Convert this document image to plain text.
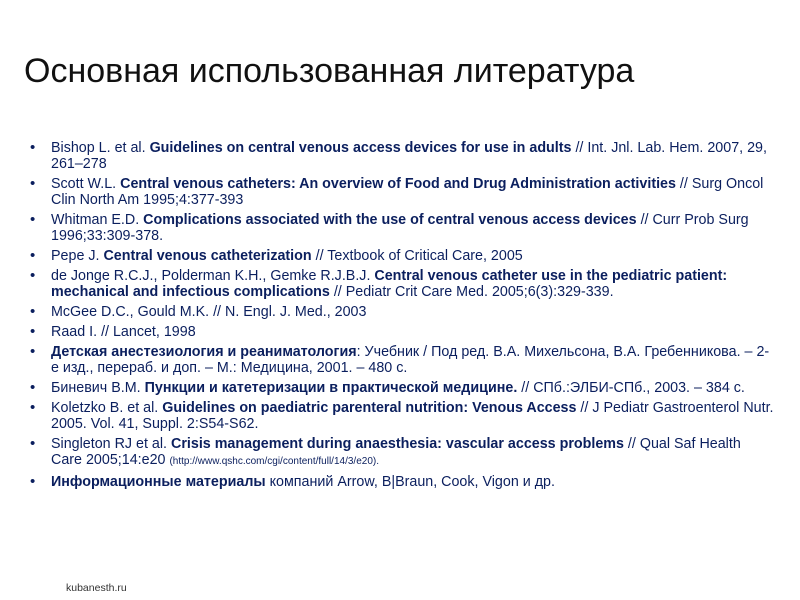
Основная использованная литература
• Bishop L. et al. Guidelines on central venous access devices for use in adults // Int. Jnl. Lab. Hem. 2007, 29, 261–278
• Scott W.L. Central venous catheters: An overview of Food and Drug Administration activities // Surg Oncol Clin North Am 1995;4:377-393
• Whitman E.D. Complications associated with the use of central venous access devices // Curr Prob Surg 1996;33:309-378.
• Pepe J. Central venous catheterization // Textbook of Critical Care, 2005
• de Jonge R.C.J., Polderman K.H., Gemke R.J.B.J. Central venous catheter use in the pediatric patient: mechanical and infectious complications // Pediatr Crit Care Med. 2005;6(3):329-339.
• McGee D.C., Gould M.K. // N. Engl. J. Med., 2003
• Raad I. // Lancet, 1998
• Детская анестезиология и реаниматология: Учебник / Под ред. В.А. Михельсона, В.А. Гребенникова. – 2-е изд., перераб. и доп. – М.: Медицина, 2001. – 480 с.
• Биневич В.М. Пункции и катетеризации в практической медицине. // СПб.:ЭЛБИ-СПб., 2003. – 384 с.
• Koletzko B. et al. Guidelines on paediatric parenteral nutrition: Venous Access // J Pediatr Gastroenterol Nutr. 2005. Vol. 41, Suppl. 2:S54-S62.
• Singleton RJ et al. Crisis management during anaesthesia: vascular access problems // Qual Saf Health Care 2005;14:e20 (http://www.qshc.com/cgi/content/full/14/3/e20).
• Информационные материалы компаний Arrow, B|Braun, Cook, Vigon и др.
kubanesth.ru
